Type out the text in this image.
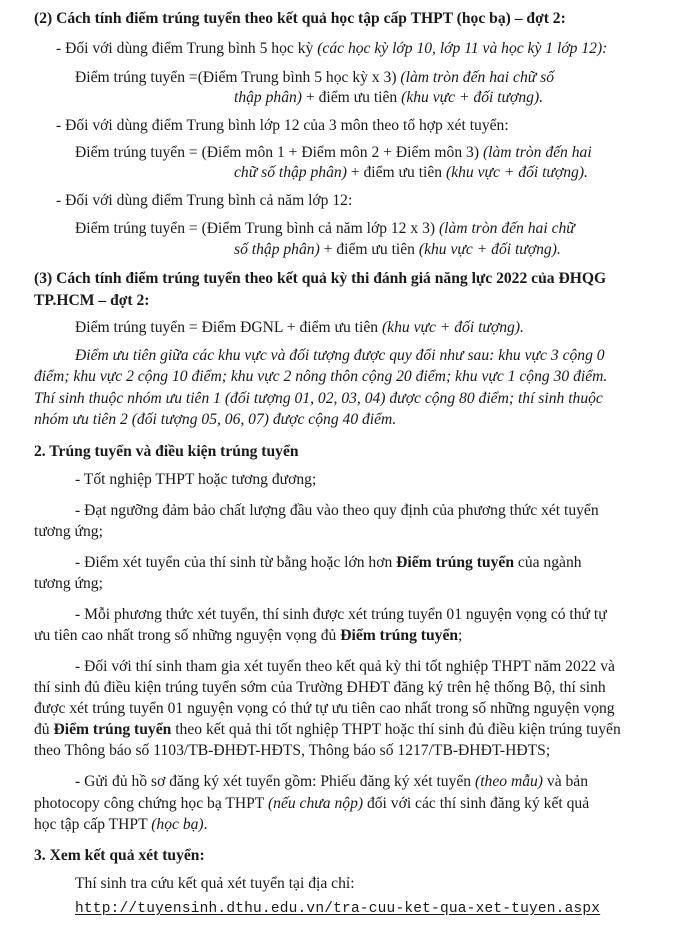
(2) Cách tính điểm trúng tuyển theo kết quả học tập cấp THPT (học bạ) – đợt 2:
- Đối với dùng điểm Trung bình 5 học kỳ (các học kỳ lớp 10, lớp 11 và học kỳ 1 lớp 12):
Điểm trúng tuyển =(Điểm Trung bình 5 học kỳ x 3) (làm tròn đến hai chữ số
thập phân) + điểm ưu tiên (khu vực + đối tượng).
- Đối với dùng điểm Trung bình lớp 12 của 3 môn theo tổ hợp xét tuyển:
Điểm trúng tuyển = (Điểm môn 1 + Điểm môn 2 + Điểm môn 3) (làm tròn đến hai
chữ số thập phân) + điểm ưu tiên (khu vực + đối tượng).
- Đối với dùng điểm Trung bình cả năm lớp 12:
Điểm trúng tuyển = (Điểm Trung bình cả năm lớp 12 x 3) (làm tròn đến hai chữ
số thập phân) + điểm ưu tiên (khu vực + đối tượng).
(3) Cách tính điểm trúng tuyển theo kết quả kỳ thi đánh giá năng lực 2022 của ĐHQG
TP.HCM – đợt 2:
Điểm trúng tuyển = Điểm ĐGNL + điểm ưu tiên (khu vực + đối tượng).
Điểm ưu tiên giữa các khu vực và đối tượng được quy đổi như sau: khu vực 3 cộng 0
điểm; khu vực 2 cộng 10 điểm; khu vực 2 nông thôn cộng 20 điểm; khu vực 1 cộng 30 điểm.
Thí sinh thuộc nhóm ưu tiên 1 (đối tượng 01, 02, 03, 04) được cộng 80 điểm; thí sinh thuộc
nhóm ưu tiên 2 (đối tượng 05, 06, 07) được cộng 40 điểm.
2. Trúng tuyển và điều kiện trúng tuyển
- Tốt nghiệp THPT hoặc tương đương;
- Đạt ngưỡng đảm bảo chất lượng đầu vào theo quy định của phương thức xét tuyển
tương ứng;
- Điểm xét tuyển của thí sinh từ bằng hoặc lớn hơn Điểm trúng tuyển của ngành
tương ứng;
- Mỗi phương thức xét tuyển, thí sinh được xét trúng tuyển 01 nguyện vọng có thứ tự
ưu tiên cao nhất trong số những nguyện vọng đủ Điểm trúng tuyển;
- Đối với thí sinh tham gia xét tuyển theo kết quả kỳ thi tốt nghiệp THPT năm 2022 và
thí sinh đủ điều kiện trúng tuyển sớm của Trường ĐHĐT đăng ký trên hệ thống Bộ, thí sinh
được xét trúng tuyển 01 nguyện vọng có thứ tự ưu tiên cao nhất trong số những nguyện vọng
đủ Điểm trúng tuyển theo kết quả thi tốt nghiệp THPT hoặc thí sinh đủ điều kiện trúng tuyển
theo Thông báo số 1103/TB-ĐHĐT-HĐTS, Thông báo số 1217/TB-ĐHĐT-HĐTS;
- Gửi đủ hồ sơ đăng ký xét tuyển gồm: Phiếu đăng ký xét tuyển (theo mẫu) và bản
photocopy công chứng học bạ THPT (nếu chưa nộp) đối với các thí sinh đăng ký kết quả
học tập cấp THPT (học bạ).
3. Xem kết quả xét tuyển:
Thí sinh tra cứu kết quả xét tuyển tại địa chỉ:
http://tuyensinh.dthu.edu.vn/tra-cuu-ket-qua-xet-tuyen.aspx
